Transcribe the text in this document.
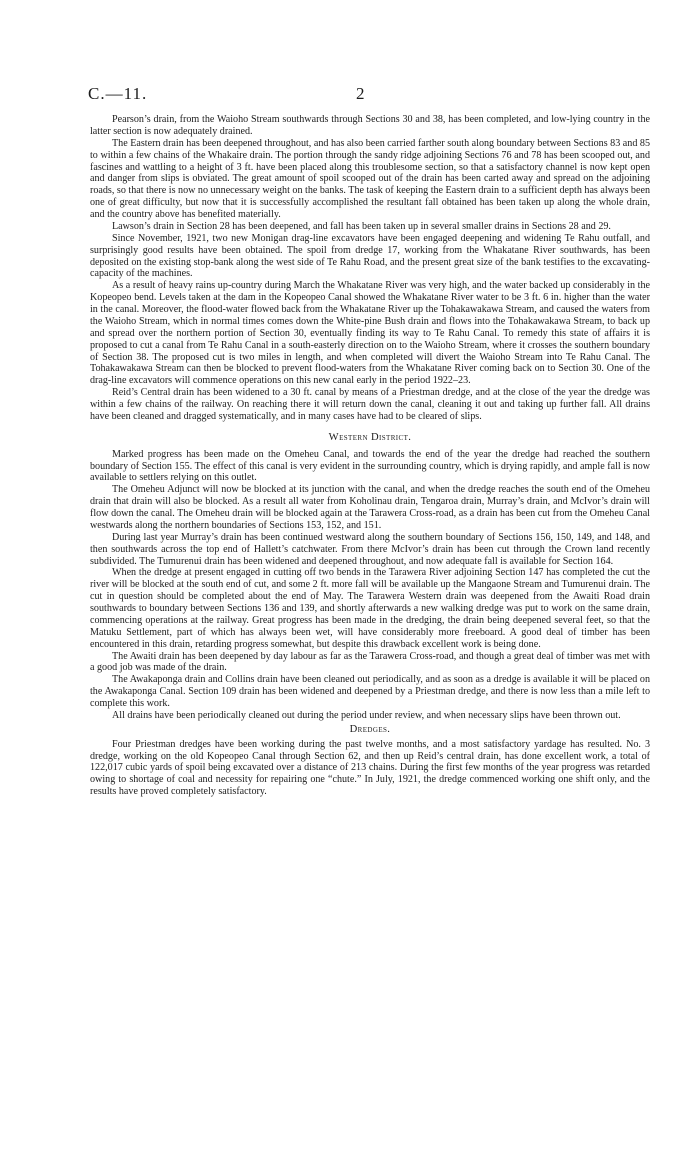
C.—11.	2

Pearson’s drain, from the Waioho Stream southwards through Sections 30 and 38, has been completed, and low-lying country in the latter section is now adequately drained.

The Eastern drain has been deepened throughout, and has also been carried farther south along boundary between Sections 83 and 85 to within a few chains of the Whakaire drain. The portion through the sandy ridge adjoining Sections 76 and 78 has been scooped out, and fascines and wattling to a height of 3 ft. have been placed along this troublesome section, so that a satisfactory channel is now kept open and danger from slips is obviated. The great amount of spoil scooped out of the drain has been carted away and spread on the adjoining roads, so that there is now no unnecessary weight on the banks. The task of keeping the Eastern drain to a sufficient depth has always been one of great difficulty, but now that it is successfully accomplished the resultant fall obtained has been taken up along the whole drain, and the country above has benefited materially.

Lawson’s drain in Section 28 has been deepened, and fall has been taken up in several smaller drains in Sections 28 and 29.

Since November, 1921, two new Monigan drag-line excavators have been engaged deepening and widening Te Rahu outfall, and surprisingly good results have been obtained. The spoil from dredge 17, working from the Whakatane River southwards, has been deposited on the existing stop-bank along the west side of Te Rahu Road, and the present great size of the bank testifies to the excavating-capacity of the machines.

As a result of heavy rains up-country during March the Whakatane River was very high, and the water backed up considerably in the Kopeopeo bend. Levels taken at the dam in the Kopeopeo Canal showed the Whakatane River water to be 3 ft. 6 in. higher than the water in the canal. Moreover, the flood-water flowed back from the Whakatane River up the Tohakawakawa Stream, and caused the waters from the Waioho Stream, which in normal times comes down the White-pine Bush drain and flows into the Tohakawakawa Stream, to back up and spread over the northern portion of Section 30, eventually finding its way to Te Rahu Canal. To remedy this state of affairs it is proposed to cut a canal from Te Rahu Canal in a south-easterly direction on to the Waioho Stream, where it crosses the southern boundary of Section 38. The proposed cut is two miles in length, and when completed will divert the Waioho Stream into Te Rahu Canal. The Tohakawakawa Stream can then be blocked to prevent flood-waters from the Whakatane River coming back on to Section 30. One of the drag-line excavators will commence operations on this new canal early in the period 1922–23.

Reid’s Central drain has been widened to a 30 ft. canal by means of a Priestman dredge, and at the close of the year the dredge was within a few chains of the railway. On reaching there it will return down the canal, cleaning it out and taking up further fall. All drains have been cleaned and dragged systematically, and in many cases have had to be cleared of slips.

Western District.

Marked progress has been made on the Omeheu Canal, and towards the end of the year the dredge had reached the southern boundary of Section 155. The effect of this canal is very evident in the surrounding country, which is drying rapidly, and ample fall is now available to settlers relying on this outlet.

The Omeheu Adjunct will now be blocked at its junction with the canal, and when the dredge reaches the south end of the Omeheu drain that drain will also be blocked. As a result all water from Koholinau drain, Tengaroa drain, Murray’s drain, and McIvor’s drain will flow down the canal. The Omeheu drain will be blocked again at the Tarawera Cross-road, as a drain has been cut from the Omeheu Canal westwards along the northern boundaries of Sections 153, 152, and 151.

During last year Murray’s drain has been continued westward along the southern boundary of Sections 156, 150, 149, and 148, and then southwards across the top end of Hallett’s catchwater. From there McIvor’s drain has been cut through the Crown land recently subdivided. The Tumurenui drain has been widened and deepened throughout, and now adequate fall is available for Section 164.

When the dredge at present engaged in cutting off two bends in the Tarawera River adjoining Section 147 has completed the cut the river will be blocked at the south end of cut, and some 2 ft. more fall will be available up the Mangaone Stream and Tumurenui drain. The cut in question should be completed about the end of May. The Tarawera Western drain was deepened from the Awaiti Road drain southwards to boundary between Sections 136 and 139, and shortly afterwards a new walking dredge was put to work on the same drain, commencing operations at the railway. Great progress has been made in the dredging, the drain being deepened several feet, so that the Matuku Settlement, part of which has always been wet, will have considerably more freeboard. A good deal of timber has been encountered in this drain, retarding progress somewhat, but despite this drawback excellent work is being done.

The Awaiti drain has been deepened by day labour as far as the Tarawera Cross-road, and though a great deal of timber was met with a good job was made of the drain.

The Awakaponga drain and Collins drain have been cleaned out periodically, and as soon as a dredge is available it will be placed on the Awakaponga Canal. Section 109 drain has been widened and deepened by a Priestman dredge, and there is now less than a mile left to complete this work.

All drains have been periodically cleaned out during the period under review, and when necessary slips have been thrown out.

Dredges.

Four Priestman dredges have been working during the past twelve months, and a most satisfactory yardage has resulted. No. 3 dredge, working on the old Kopeopeo Canal through Section 62, and then up Reid’s central drain, has done excellent work, a total of 122,017 cubic yards of spoil being excavated over a distance of 213 chains. During the first few months of the year progress was retarded owing to shortage of coal and necessity for repairing one “chute.” In July, 1921, the dredge commenced working one shift only, and the results have proved completely satisfactory.
